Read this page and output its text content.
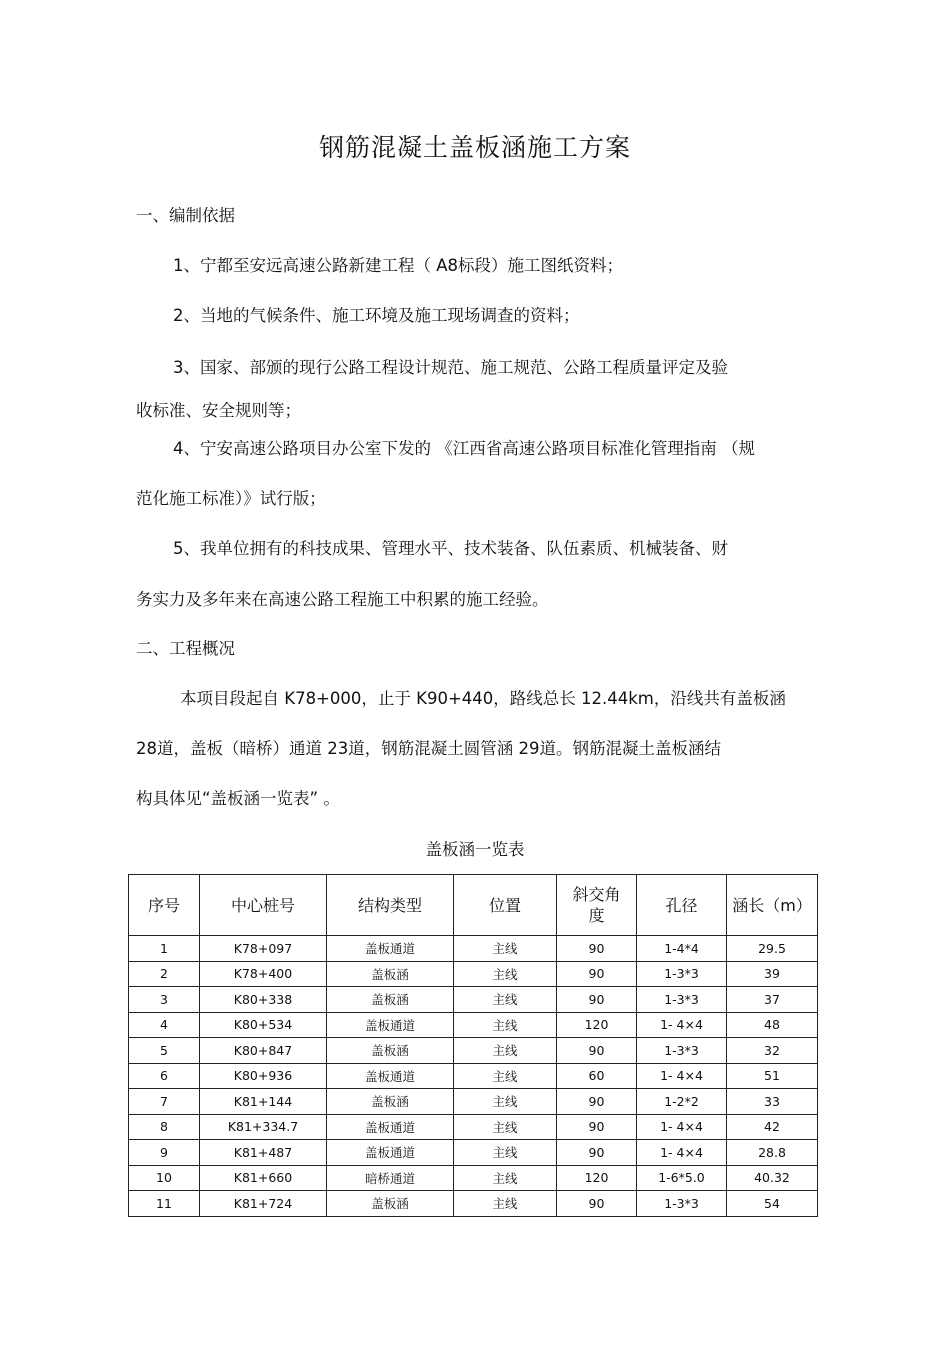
钢筋混凝土盖板涵施工方案
一、编制依据
1、宁都至安远高速公路新建工程（ A8标段）施工图纸资料；
2、当地的气候条件、施工环境及施工现场调查的资料；
3、国家、部颁的现行公路工程设计规范、施工规范、公路工程质量评定及验
收标准、安全规则等；
4、宁安高速公路项目办公室下发的 《江西省高速公路项目标准化管理指南 （规
范化施工标准）》试行版；
5、我单位拥有的科技成果、管理水平、技术装备、队伍素质、机械装备、财
务实力及多年来在高速公路工程施工中积累的施工经验。
二、工程概况
本项目段起自 K78+000，止于 K90+440，路线总长 12.44km，沿线共有盖板涵
28道，盖板（暗桥）通道 23道，钢筋混凝土圆管涵 29道。钢筋混凝土盖板涵结
构具体见“盖板涵一览表” 。
盖板涵一览表
序号	中心桩号	结构类型	位置	斜交角度	孔径	涵长（m）
1	K78+097	盖板通道	主线	90	1-4*4	29.5
2	K78+400	盖板涵	主线	90	1-3*3	39
3	K80+338	盖板涵	主线	90	1-3*3	37
4	K80+534	盖板通道	主线	120	1- 4×4	48
5	K80+847	盖板涵	主线	90	1-3*3	32
6	K80+936	盖板通道	主线	60	1- 4×4	51
7	K81+144	盖板涵	主线	90	1-2*2	33
8	K81+334.7	盖板通道	主线	90	1- 4×4	42
9	K81+487	盖板通道	主线	90	1- 4×4	28.8
10	K81+660	暗桥通道	主线	120	1-6*5.0	40.32
11	K81+724	盖板涵	主线	90	1-3*3	54
